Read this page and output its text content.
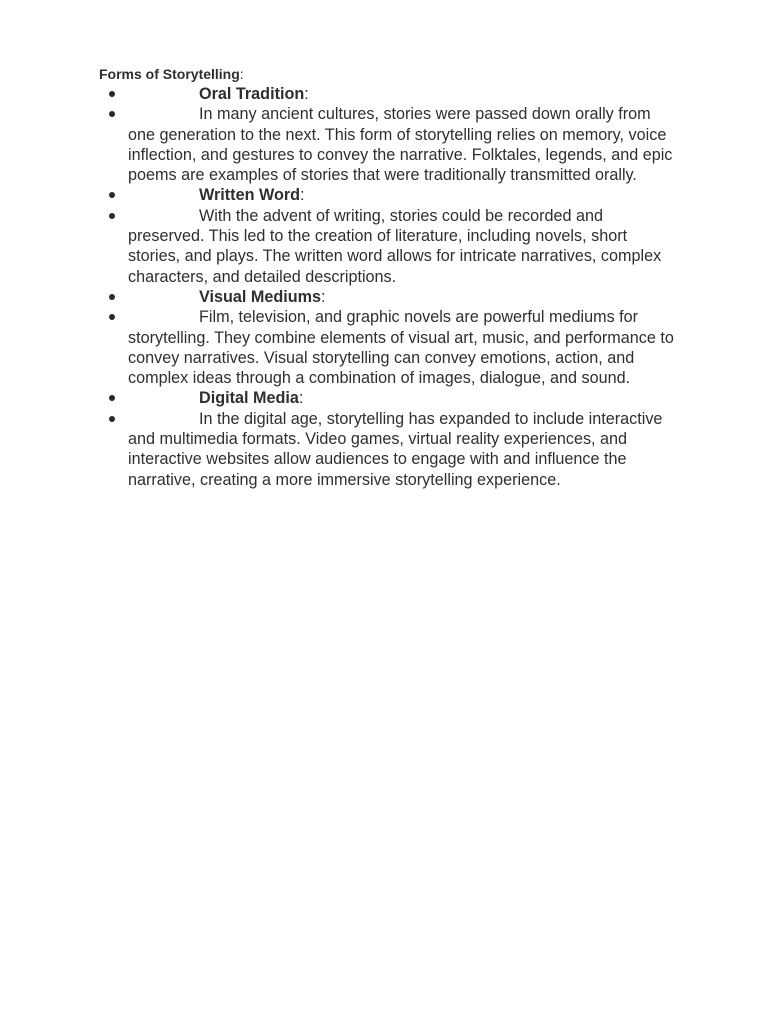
Forms of Storytelling:

Oral Tradition:
In many ancient cultures, stories were passed down orally from one generation to the next. This form of storytelling relies on memory, voice inflection, and gestures to convey the narrative. Folktales, legends, and epic poems are examples of stories that were traditionally transmitted orally.
Written Word:
With the advent of writing, stories could be recorded and preserved. This led to the creation of literature, including novels, short stories, and plays. The written word allows for intricate narratives, complex characters, and detailed descriptions.
Visual Mediums:
Film, television, and graphic novels are powerful mediums for storytelling. They combine elements of visual art, music, and performance to convey narratives. Visual storytelling can convey emotions, action, and complex ideas through a combination of images, dialogue, and sound.
Digital Media:
In the digital age, storytelling has expanded to include interactive and multimedia formats. Video games, virtual reality experiences, and interactive websites allow audiences to engage with and influence the narrative, creating a more immersive storytelling experience.
